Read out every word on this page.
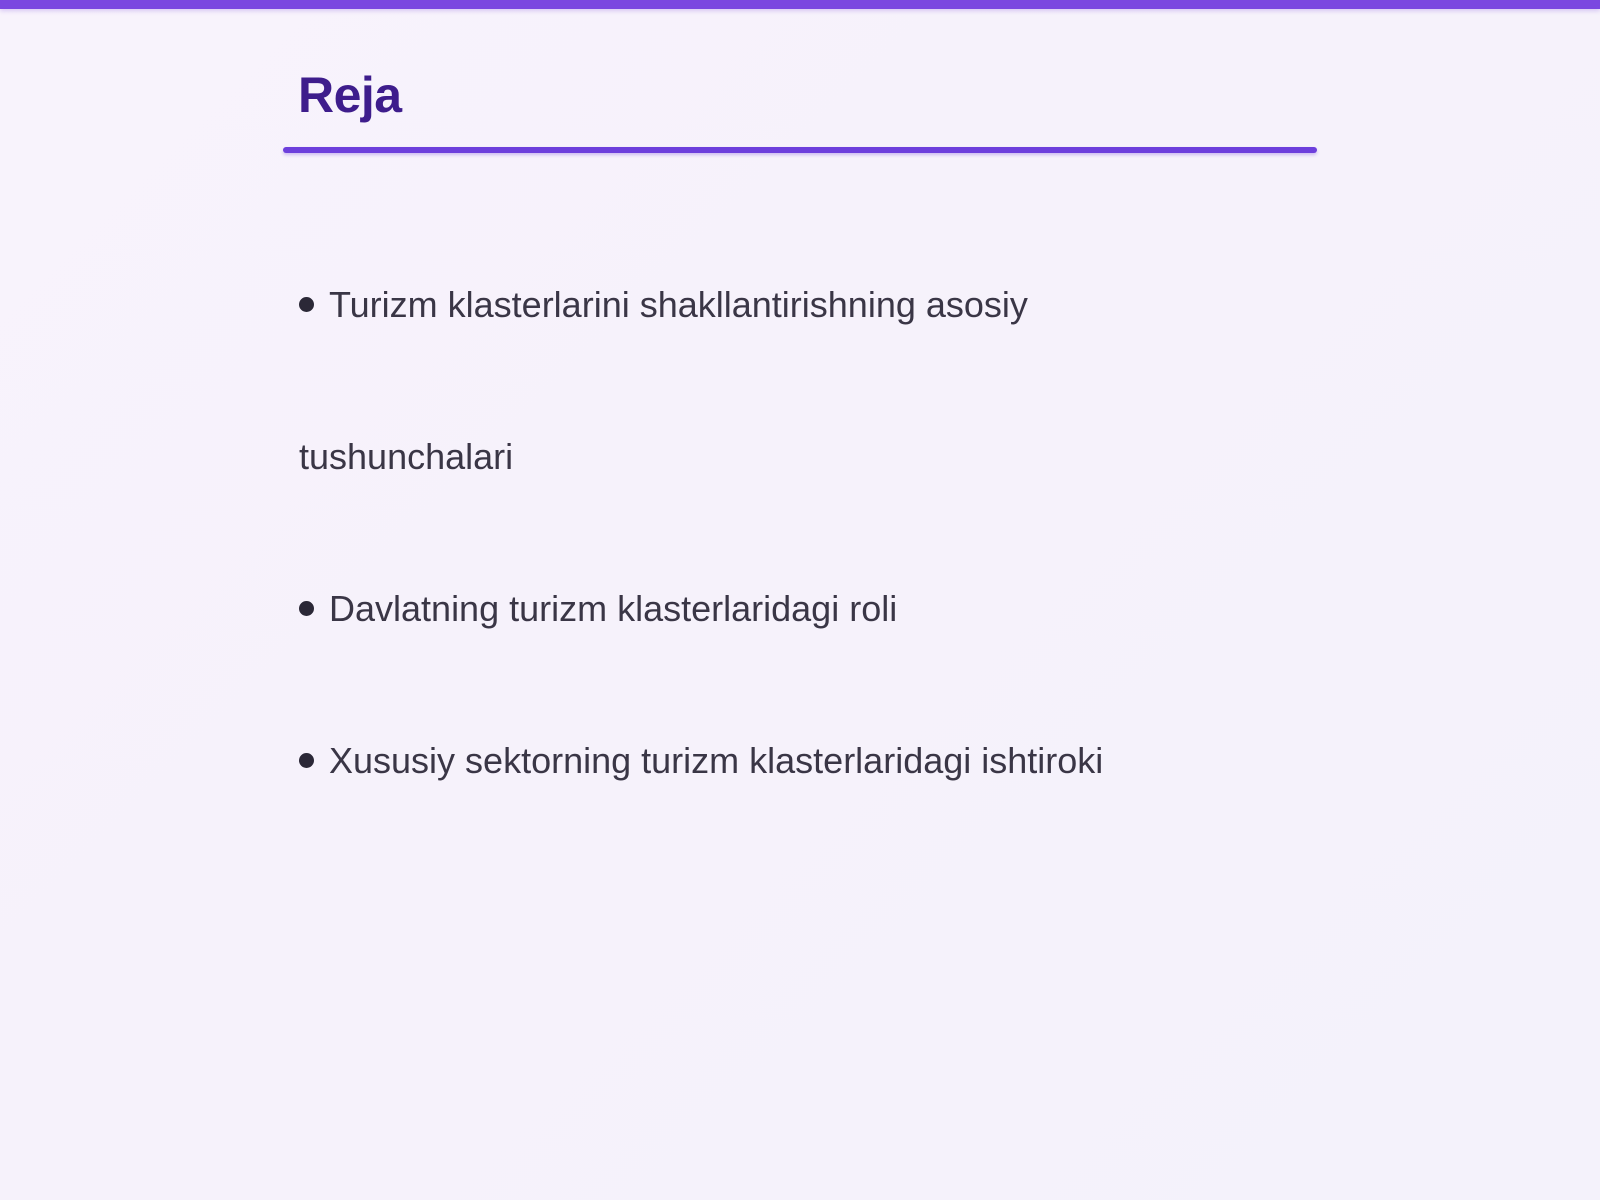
Reja

Turizm klasterlarini shakllantirishning asosiy

tushunchalari

Davlatning turizm klasterlaridagi roli

Xususiy sektorning turizm klasterlaridagi ishtiroki
